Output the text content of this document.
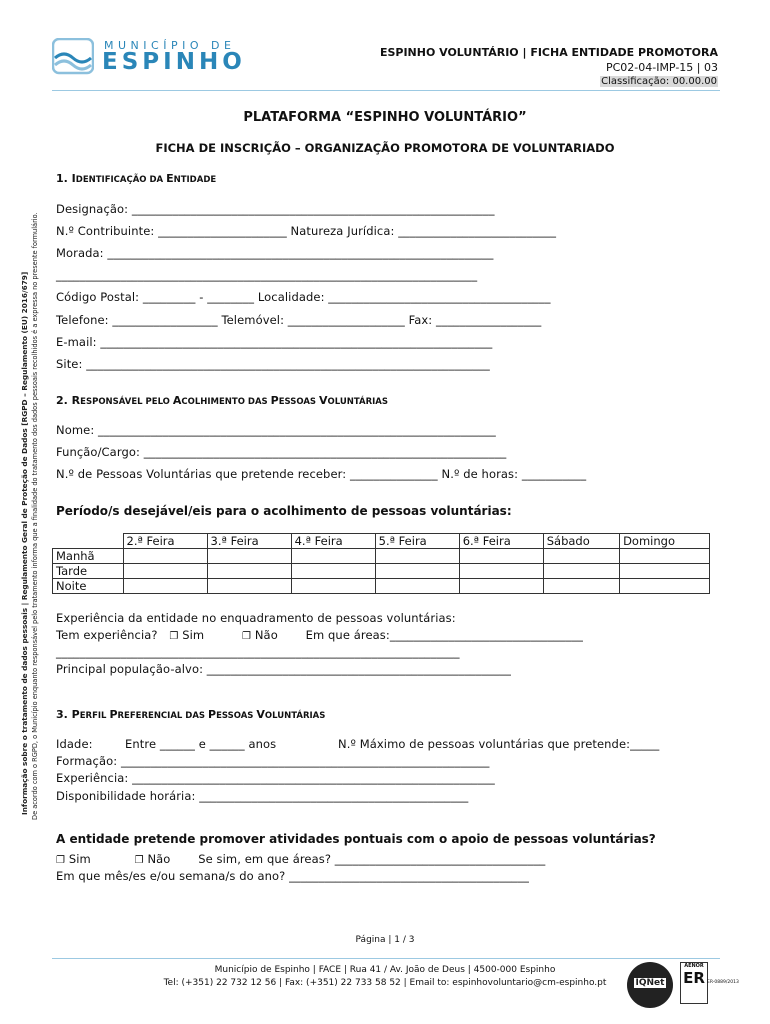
MUNICÍPIO DE
ESPINHO	ESPINHO VOLUNTÁRIO | FICHA ENTIDADE PROMOTORA
PC02-04-IMP-15 | 03
Classificação: 00.00.00
Informação sobre o tratamento de dados pessoais | Regulamento Geral de Proteção de Dados [RGPD – Regulamento (EU) 2016/679] De acordo com o RGPD, o Município enquanto responsável pelo tratamento informa que a finalidade do tratamento dos dados pessoais recolhidos é a expressa no presente formulário.
PLATAFORMA “ESPINHO VOLUNTÁRIO”
FICHA DE INSCRIÇÃO – ORGANIZAÇÃO PROMOTORA DE VOLUNTARIADO
1. IDENTIFICAÇÃO DA ENTIDADE
Designação: ______________________________________________________________
N.º Contribuinte: ______________________ Natureza Jurídica: ___________________________
Morada: __________________________________________________________________
________________________________________________________________________
Código Postal: _________ - ________ Localidade: ______________________________________
Telefone: __________________ Telemóvel: ____________________ Fax: __________________
E-mail: ___________________________________________________________________
Site: _____________________________________________________________________
2. RESPONSÁVEL PELO ACOLHIMENTO DAS PESSOAS VOLUNTÁRIAS
Nome: ____________________________________________________________________
Função/Cargo: ______________________________________________________________
N.º de Pessoas Voluntárias que pretende receber: _______________ N.º de horas: ___________
Período/s desejável/eis para o acolhimento de pessoas voluntárias:
	2.ª Feira	3.ª Feira	4.ª Feira	5.ª Feira	6.ª Feira	Sábado	Domingo
Manhã							
Tarde							
Noite							
Experiência da entidade no enquadramento de pessoas voluntárias:
Tem experiência? ❐ Sim	❐ Não Em que áreas:_________________________________
_____________________________________________________________________
Principal população-alvo: ____________________________________________________
3. PERFIL PREFERENCIAL DAS PESSOAS VOLUNTÁRIAS
Idade:	Entre ______ e ______ anos	N.º Máximo de pessoas voluntárias que pretende:_____
Formação: _______________________________________________________________
Experiência: ______________________________________________________________
Disponibilidade horária: ______________________________________________
A entidade pretende promover atividades pontuais com o apoio de pessoas voluntárias?
❐ Sim	❐ Não Se sim, em que áreas? ____________________________________
Em que mês/es e/ou semana/s do ano? _________________________________________
Página | 1 / 3
Município de Espinho | FACE | Rua 41 / Av. João de Deus | 4500-000 Espinho
Tel: (+351) 22 732 12 56 | Fax: (+351) 22 733 58 52 | Email to: espinhovoluntario@cm-espinho.pt	IQNet
AENOR
ER ER-0889/2013
